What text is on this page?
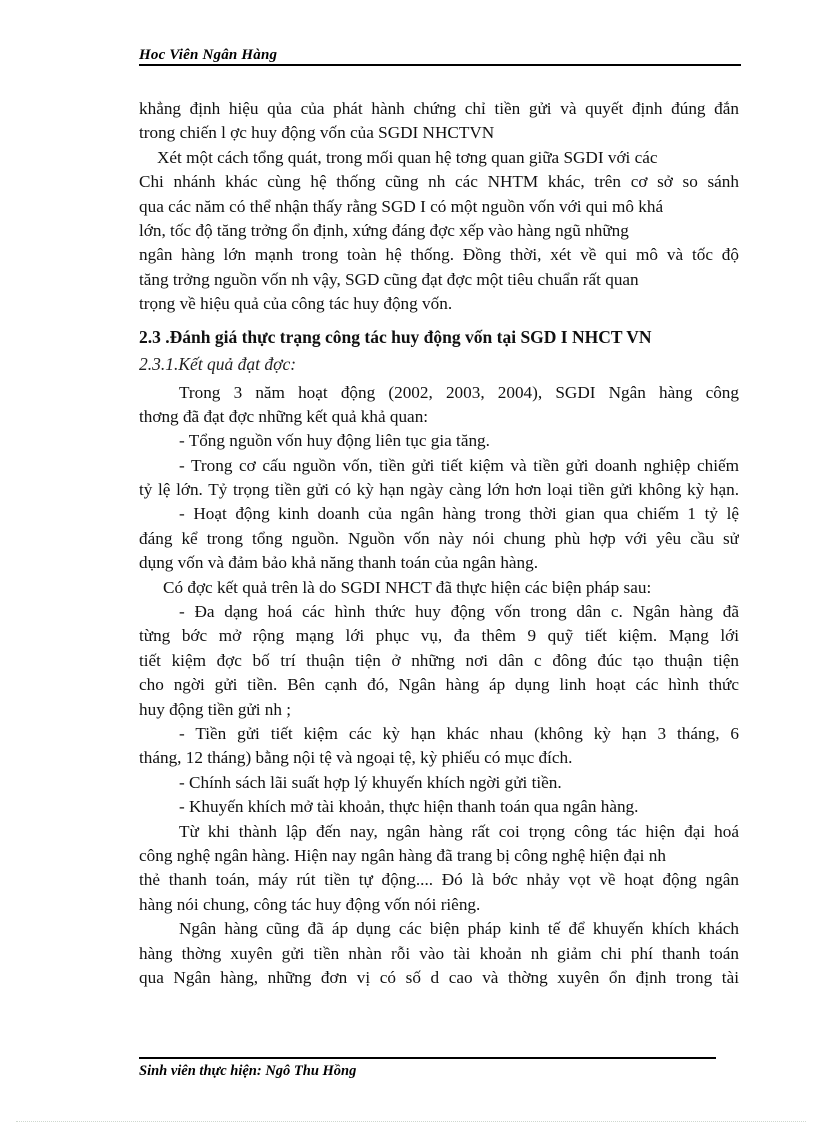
Hoc Viên Ngân Hàng
khẳng định hiệu qủa của phát hành chứng chỉ tiền gửi và quyết định đúng đắn
trong chiến l ợc huy động vốn của SGDI NHCTVN
Xét một cách tổng quát, trong mối quan hệ tơng quan giữa SGDI với các
Chi nhánh khác cùng hệ thống cũng nh các NHTM khác, trên cơ sở so sánh
qua các năm có thể nhận thấy rằng SGD I có một nguồn vốn với qui mô khá
lớn, tốc độ tăng trởng ổn định, xứng đáng đợc xếp vào hàng ngũ những
ngân hàng lớn mạnh trong toàn hệ thống. Đồng thời, xét về qui mô và tốc độ
tăng trởng nguồn vốn nh vậy, SGD cũng đạt đợc một tiêu chuẩn rất quan
trọng về hiệu quả của công tác huy động vốn.
2.3 .Đánh giá thực trạng công tác huy động vốn tại SGD I NHCT VN
2.3.1.Kết quả đạt đợc:
Trong 3 năm hoạt động (2002, 2003, 2004), SGDI Ngân hàng công
thơng đã đạt đợc những kết quả khả quan:
- Tổng nguồn vốn huy động liên tục gia tăng.
- Trong cơ cấu nguồn vốn, tiền gửi tiết kiệm và tiền gửi doanh nghiệp chiếm
tỷ lệ lớn. Tỷ trọng tiền gửi có kỳ hạn ngày càng lớn hơn loại tiền gửi không kỳ hạn.
- Hoạt động kinh doanh của ngân hàng trong thời gian qua chiếm 1 tỷ lệ
đáng kể trong tổng nguồn. Nguồn vốn này nói chung phù hợp với yêu cầu sử
dụng vốn và đảm bảo khả năng thanh toán của ngân hàng.
Có đợc kết quả trên là do SGDI NHCT đã thực hiện các biện pháp sau:
- Đa dạng hoá các hình thức huy động vốn trong dân c. Ngân hàng đã
từng bớc mở rộng mạng lới phục vụ, đa thêm 9 quỹ tiết kiệm. Mạng lới
tiết kiệm đợc bố trí thuận tiện ở những nơi dân c đông đúc tạo thuận tiện
cho ngời gửi tiền. Bên cạnh đó, Ngân hàng áp dụng linh hoạt các hình thức
huy động tiền gửi nh ;
- Tiền gửi tiết kiệm các kỳ hạn khác nhau (không kỳ hạn 3 tháng, 6
tháng, 12 tháng) bằng nội tệ và ngoại tệ, kỳ phiếu có mục đích.
- Chính sách lãi suất hợp lý khuyến khích ngời gửi tiền.
- Khuyến khích mở tài khoản, thực hiện thanh toán qua ngân hàng.
Từ khi thành lập đến nay, ngân hàng rất coi trọng công tác hiện đại hoá
công nghệ ngân hàng. Hiện nay ngân hàng đã trang bị công nghệ hiện đại nh
thẻ thanh toán, máy rút tiền tự động.... Đó là bớc nhảy vọt về hoạt động ngân
hàng nói chung, công tác huy động vốn nói riêng.
Ngân hàng cũng đã áp dụng các biện pháp kinh tế để khuyến khích khách
hàng thờng xuyên gửi tiền nhàn rỗi vào tài khoản nh giảm chi phí thanh toán
qua Ngân hàng, những đơn vị có số d cao và thờng xuyên ổn định trong tài
Sinh viên thực hiện: Ngô Thu Hồng
